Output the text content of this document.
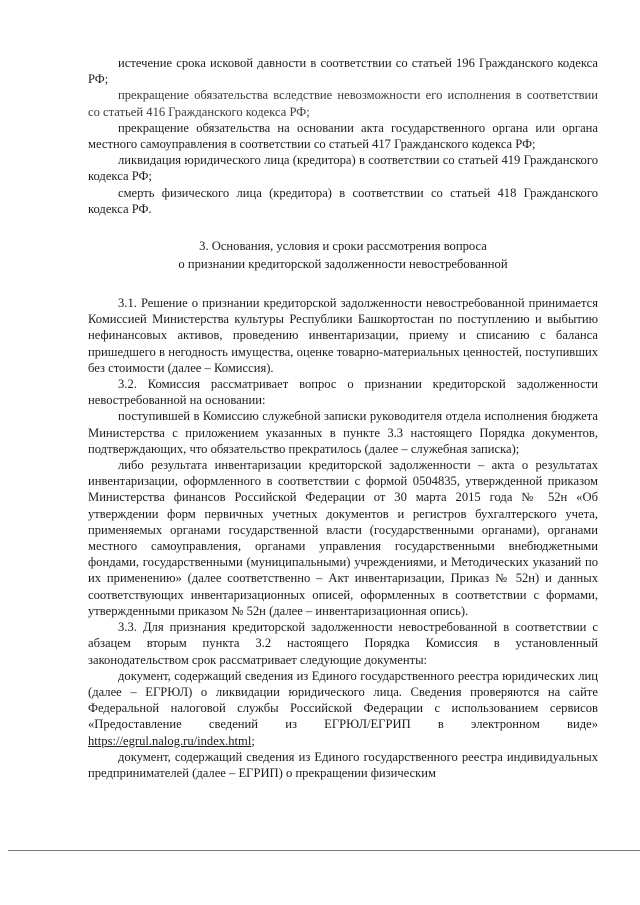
истечение срока исковой давности в соответствии со статьей 196 Гражданского кодекса РФ;

прекращение обязательства вследствие невозможности его исполнения в соответствии со статьей 416 Гражданского кодекса РФ;

прекращение обязательства на основании акта государственного органа или органа местного самоуправления в соответствии со статьей 417 Гражданского кодекса РФ;

ликвидация юридического лица (кредитора) в соответствии со статьей 419 Гражданского кодекса РФ;

смерть физического лица (кредитора) в соответствии со статьей 418 Гражданского кодекса РФ.

3. Основания, условия и сроки рассмотрения вопроса

о признании кредиторской задолженности невостребованной

3.1. Решение о признании кредиторской задолженности невостребованной принимается Комиссией Министерства культуры Республики Башкортостан по поступлению и выбытию нефинансовых активов, проведению инвентаризации, приему и списанию с баланса пришедшего в негодность имущества, оценке товарно-материальных ценностей, поступивших без стоимости (далее – Комиссия).

3.2. Комиссия рассматривает вопрос о признании кредиторской задолженности невостребованной на основании:

поступившей в Комиссию служебной записки руководителя отдела исполнения бюджета Министерства с приложением указанных в пункте 3.3 настоящего Порядка документов, подтверждающих, что обязательство прекратилось (далее – служебная записка);

либо результата инвентаризации кредиторской задолженности – акта о результатах инвентаризации, оформленного в соответствии с формой 0504835, утвержденной приказом Министерства финансов Российской Федерации от 30 марта 2015 года № 52н «Об утверждении форм первичных учетных документов и регистров бухгалтерского учета, применяемых органами государственной власти (государственными органами), органами местного самоуправления, органами управления государственными внебюджетными фондами, государственными (муниципальными) учреждениями, и Методических указаний по их применению» (далее соответственно – Акт инвентаризации, Приказ № 52н) и данных соответствующих инвентаризационных описей, оформленных в соответствии с формами, утвержденными приказом № 52н (далее – инвентаризационная опись).

3.3. Для признания кредиторской задолженности невостребованной в соответствии с абзацем вторым пункта 3.2 настоящего Порядка Комиссия в установленный законодательством срок рассматривает следующие документы:

документ, содержащий сведения из Единого государственного реестра юридических лиц (далее – ЕГРЮЛ) о ликвидации юридического лица. Сведения проверяются на сайте Федеральной налоговой службы Российской Федерации с использованием сервисов «Предоставление сведений из ЕГРЮЛ/ЕГРИП в электронном виде» https://egrul.nalog.ru/index.html;

документ, содержащий сведения из Единого государственного реестра индивидуальных предпринимателей (далее – ЕГРИП) о прекращении физическим
